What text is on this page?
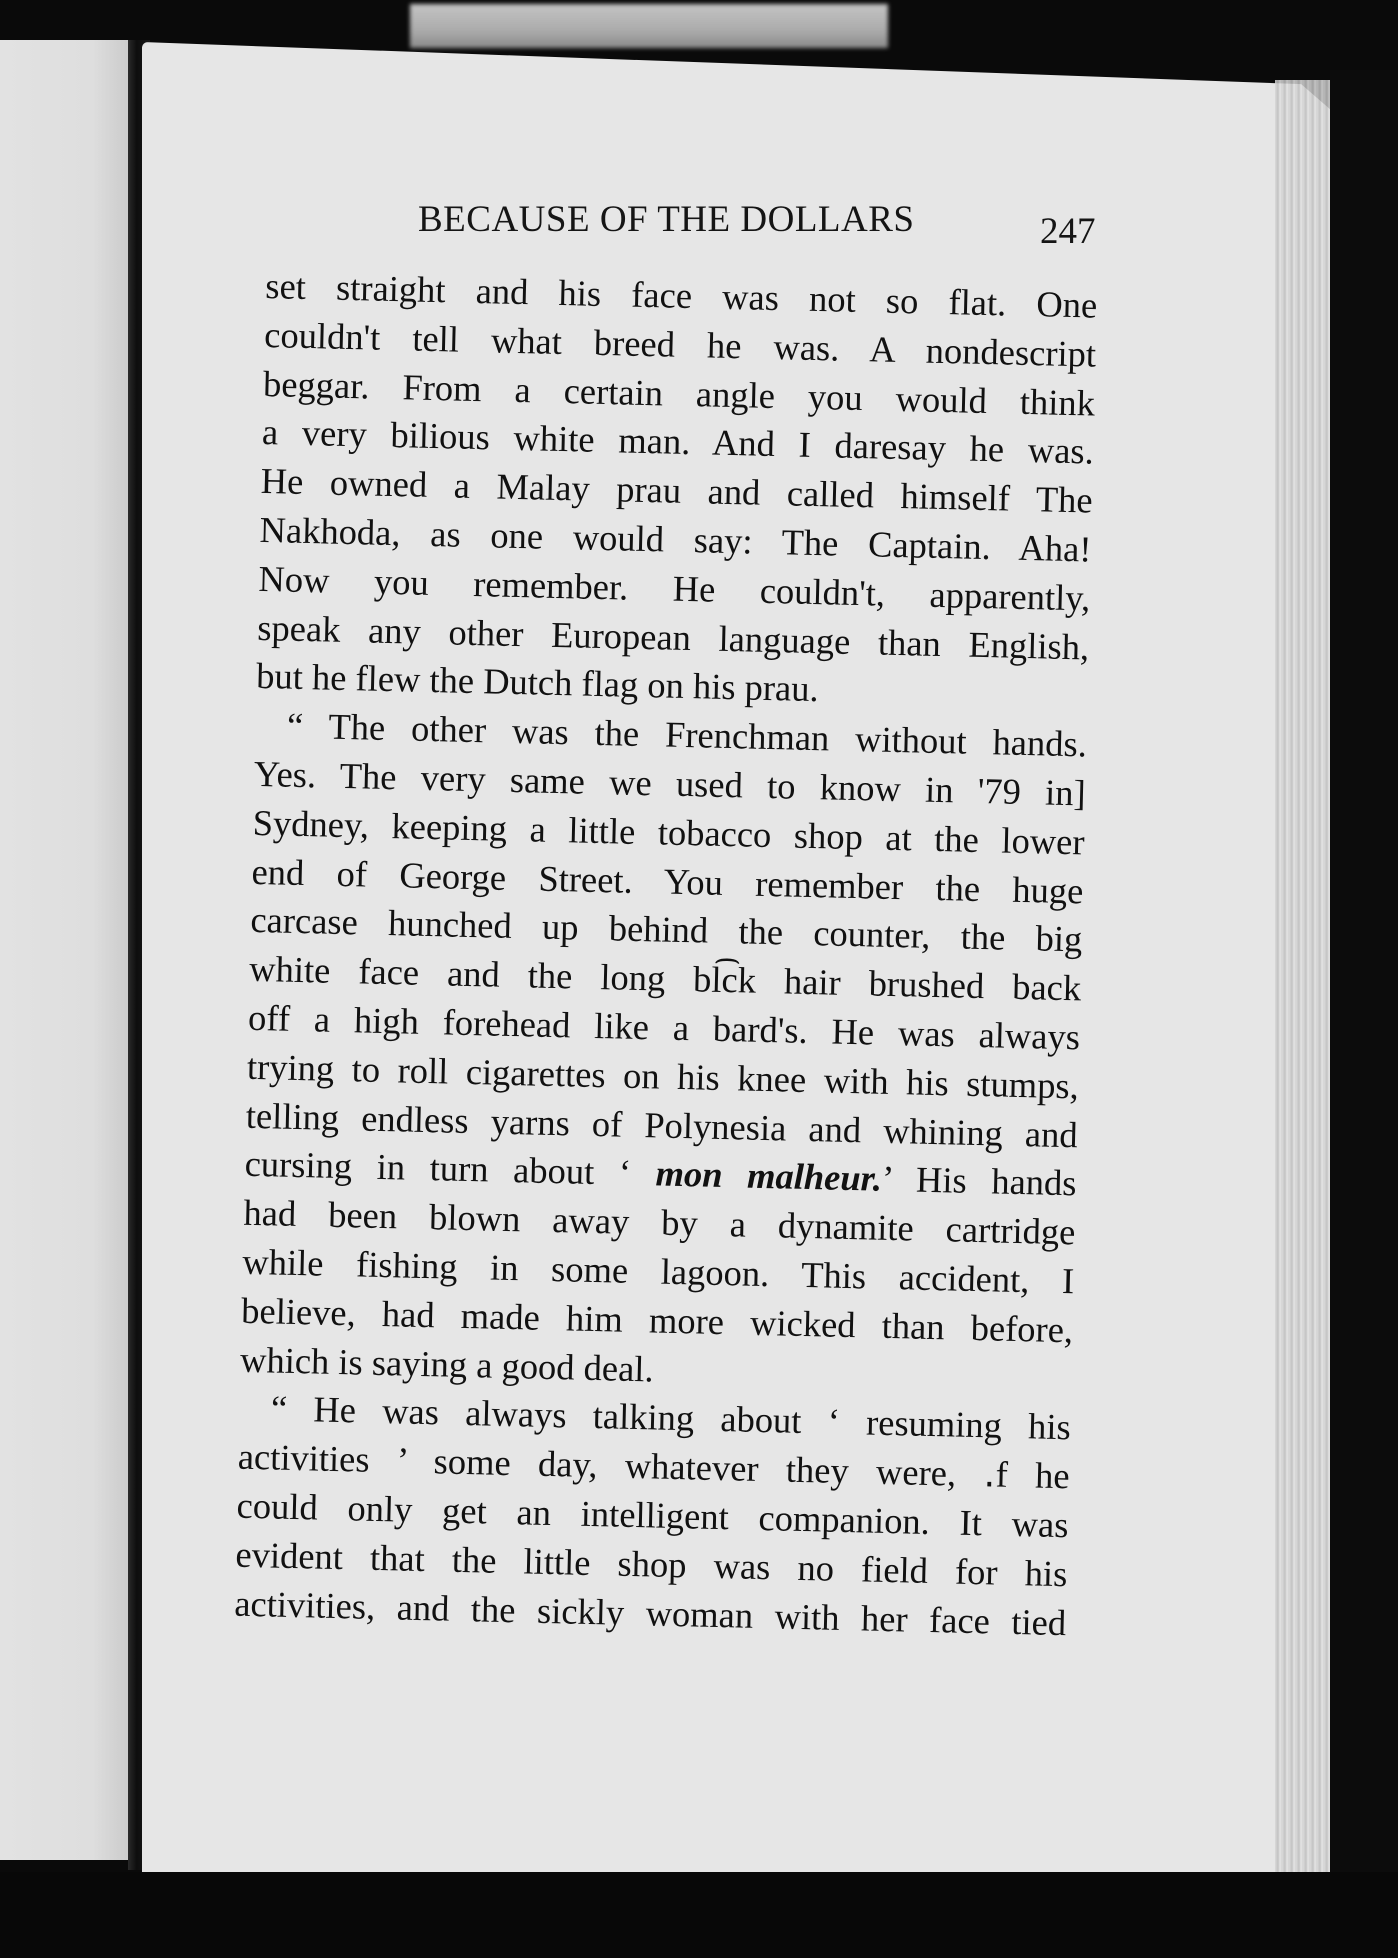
BECAUSE OF THE DOLLARS	247
set straight and his face was not so flat. One
couldn't tell what breed he was. A nondescript
beggar. From a certain angle you would think
a very bilious white man. And I daresay he was.
He owned a Malay prau and called himself The
Nakhoda, as one would say: The Captain. Aha!
Now you remember. He couldn't, apparently,
speak any other European language than English,
but he flew the Dutch flag on his prau.
“ The other was the Frenchman without hands.
Yes. The very same we used to know in '79 in]
Sydney, keeping a little tobacco shop at the lower
end of George Street. You remember the huge
carcase hunched up behind the counter, the big
white face and the long bl͡ck hair brushed back
off a high forehead like a bard's. He was always
trying to roll cigarettes on his knee with his stumps,
telling endless yarns of Polynesia and whining and
cursing in turn about ‘ mon malheur.’ His hands
had been blown away by a dynamite cartridge
while fishing in some lagoon. This accident, I
believe, had made him more wicked than before,
which is saying a good deal.
“ He was always talking about ‘ resuming his
activities ’ some day, whatever they were, ․f he
could only get an intelligent companion. It was
evident that the little shop was no field for his
activities, and the sickly woman with her face tied
